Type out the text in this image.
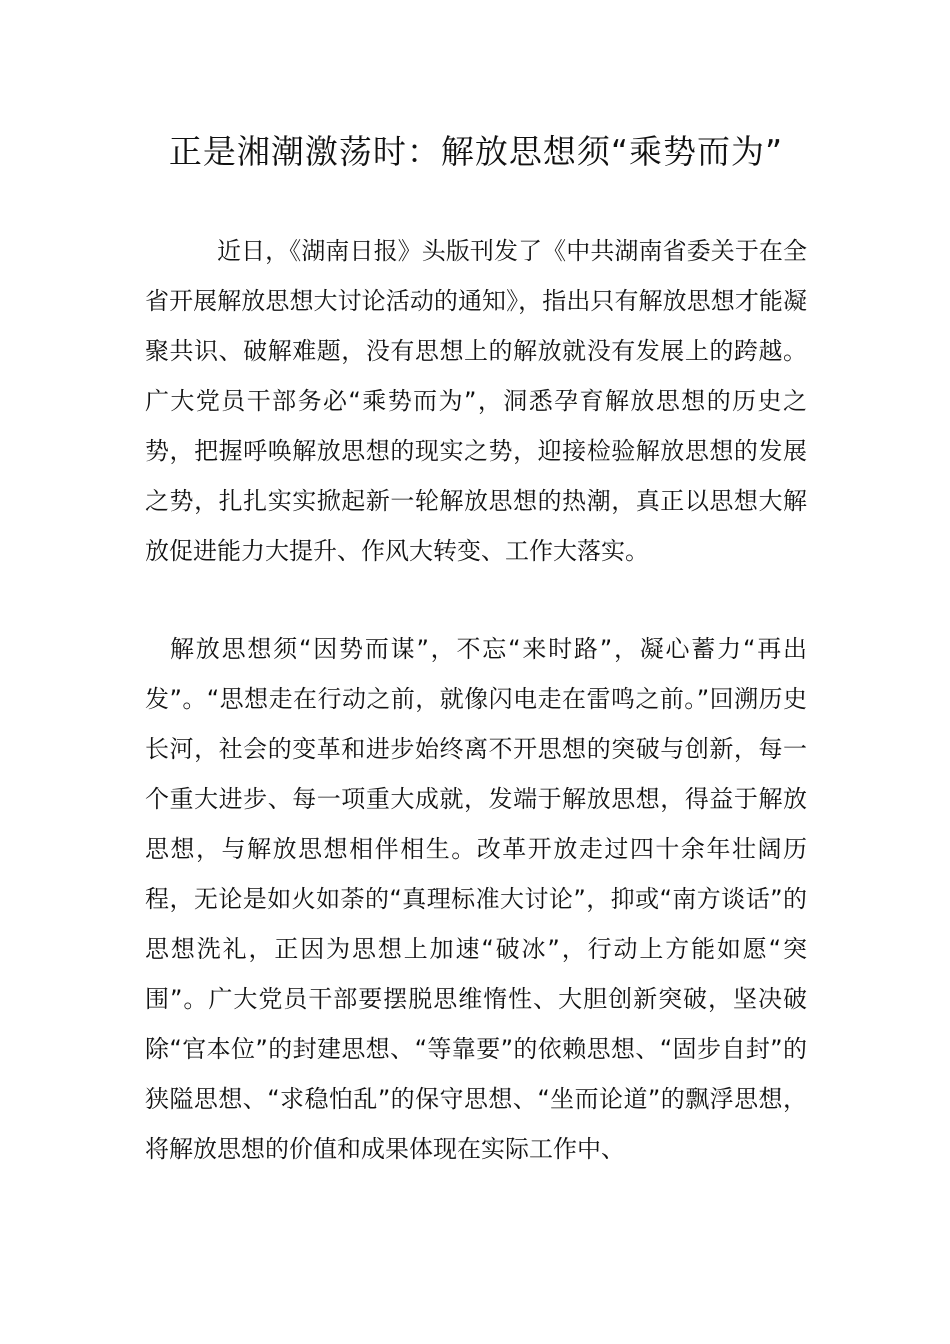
正是湘潮激荡时：解放思想须“乘势而为”

近日，《湖南日报》头版刊发了《中共湖南省委关于在全省开展解放思想大讨论活动的通知》，指出只有解放思想才能凝聚共识、破解难题，没有思想上的解放就没有发展上的跨越。广大党员干部务必“乘势而为”，洞悉孕育解放思想的历史之势，把握呼唤解放思想的现实之势，迎接检验解放思想的发展之势，扎扎实实掀起新一轮解放思想的热潮，真正以思想大解放促进能力大提升、作风大转变、工作大落实。

解放思想须“因势而谋”，不忘“来时路”，凝心蓄力“再出发”。“思想走在行动之前，就像闪电走在雷鸣之前。”回溯历史长河，社会的变革和进步始终离不开思想的突破与创新，每一个重大进步、每一项重大成就，发端于解放思想，得益于解放思想，与解放思想相伴相生。改革开放走过四十余年壮阔历程，无论是如火如荼的“真理标准大讨论”，抑或“南方谈话”的思想洗礼，正因为思想上加速“破冰”，行动上方能如愿“突围”。广大党员干部要摆脱思维惰性、大胆创新突破，坚决破除“官本位”的封建思想、“等靠要”的依赖思想、“固步自封”的狭隘思想、“求稳怕乱”的保守思想、“坐而论道”的飘浮思想，将解放思想的价值和成果体现在实际工作中、
